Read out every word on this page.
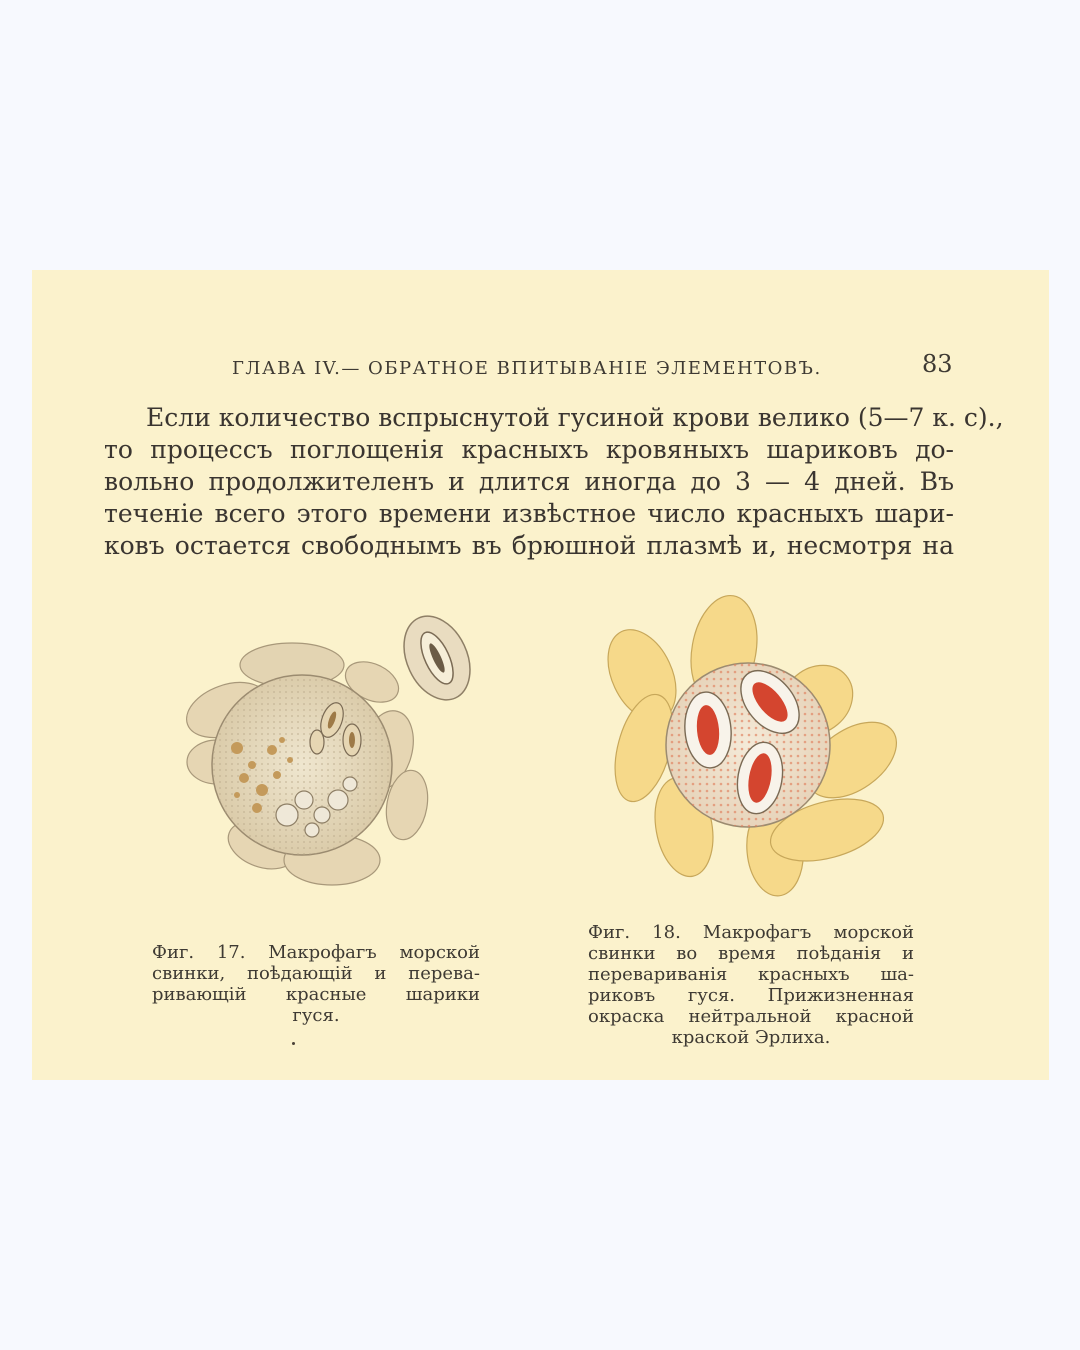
ГЛАВА IV.— ОБРАТНОЕ ВПИТЫВАНІЕ ЭЛЕМЕНТОВЪ.	83

Если количество вспрыснутой гусиной крови велико (5—7 к. с).,
то процессъ поглощенія красныхъ кровяныхъ шариковъ до-
вольно продолжителенъ и длится иногда до 3 — 4 дней. Въ
теченіе всего этого времени извѣстное число красныхъ шари-
ковъ остается свободнымъ въ брюшной плазмѣ и, несмотря на

Фиг. 17. Макрофагъ морской
свинки, поѣдающій и перева-
ривающій красные шарики
гуся.

Фиг. 18. Макрофагъ морской
свинки во время поѣданія и
перевариванія красныхъ ша-
риковъ гуся. Прижизненная
окраска нейтральной красной
краской Эрлиха.
